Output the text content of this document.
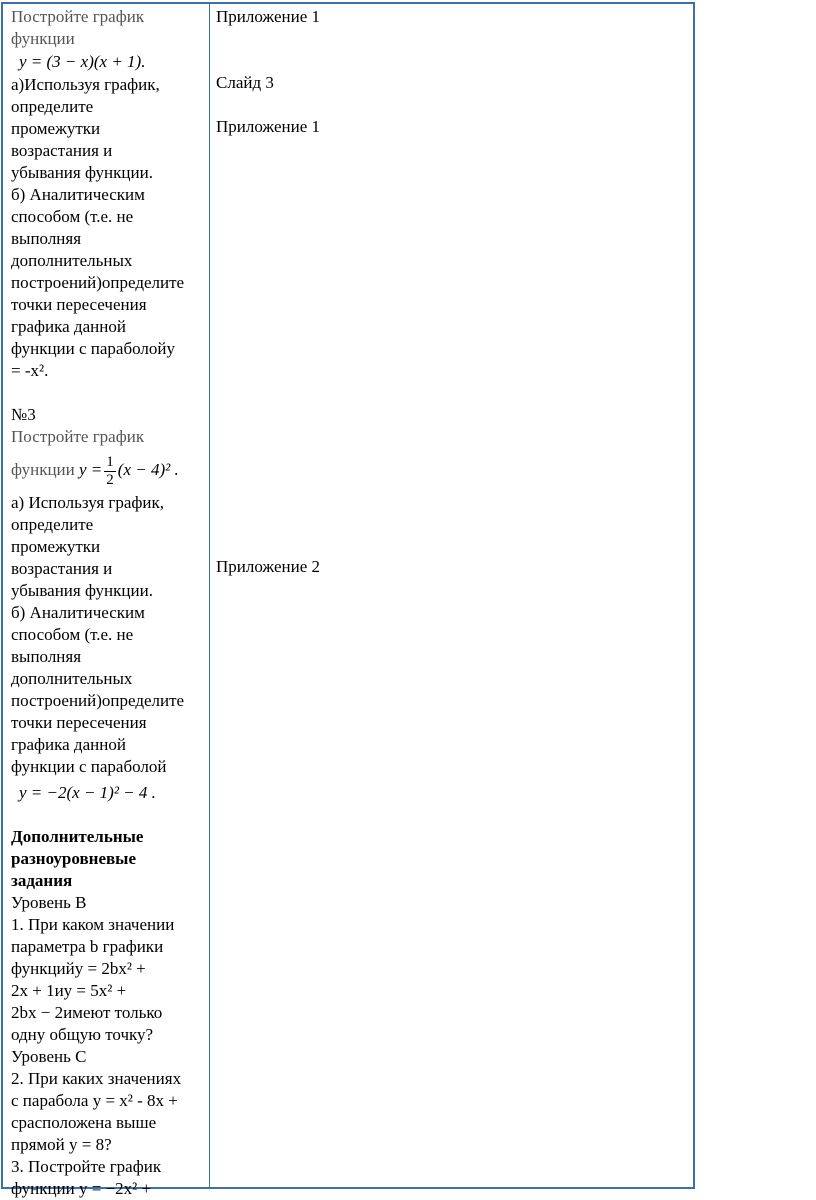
Постройте график
функции
y = (3 − x)(x + 1).
а)Используя график,
определите
промежутки
возрастания и
убывания функции.
б) Аналитическим
способом (т.е. не
выполняя
дополнительных
построений)определите
точки пересечения
графика данной
функции с параболойу
= -x².
№3
Постройте график
функции $y = \frac{1}{2} (x - 4)^2$ .
а) Используя график,
определите
промежутки
возрастания и
убывания функции.
б) Аналитическим
способом (т.е. не
выполняя
дополнительных
построений)определите
точки пересечения
графика данной
функции с параболой
y = −2(x − 1)² − 4 .
Дополнительные
разноуровневые
задания
Уровень В
1. При каком значении
параметра b графики
функцийy = 2bx² +
2x + 1иy = 5x² +
2bx − 2имеют только
одну общую точку?
Уровень С
2. При каких значениях
c парабола y = x² - 8x +
cрасположена выше
прямой y = 8?
3. Постройте график
функции y = −2x² +
Приложение 1
Слайд 3
Приложение 1
Приложение 2
